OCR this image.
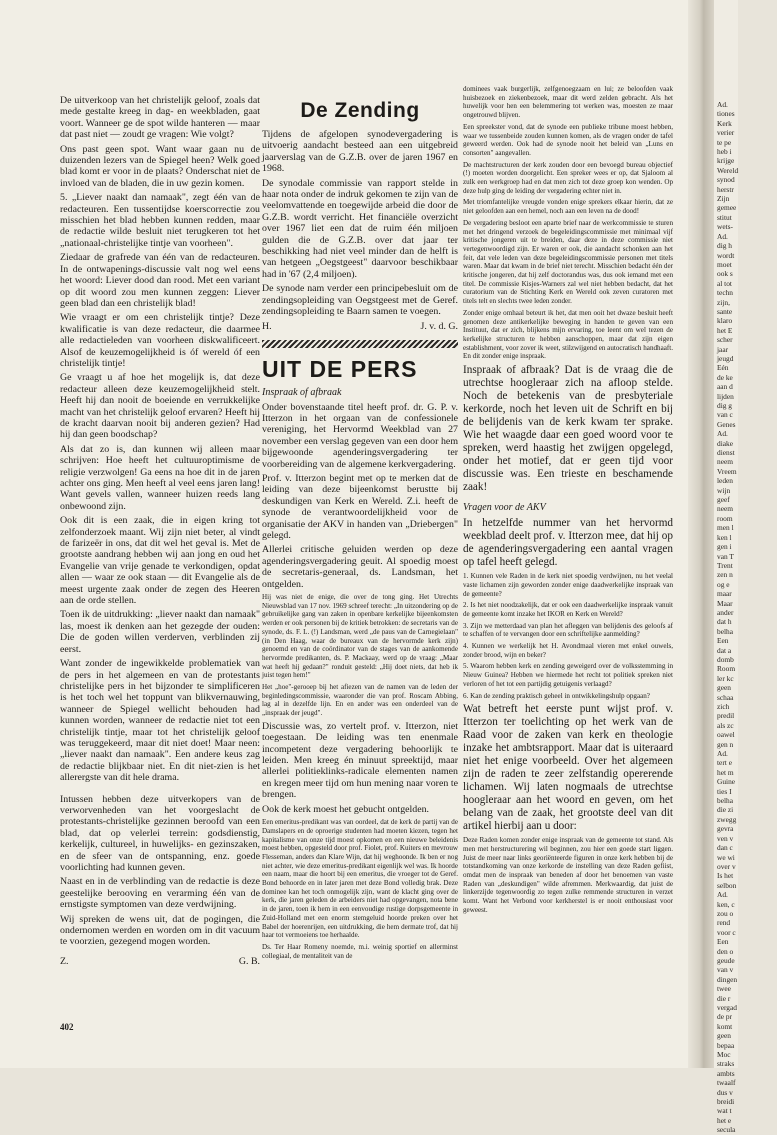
De uitverkoop van het christelijk geloof, zoals dat mede gestalte kreeg in dag- en weekbladen, gaat voort. Wanneer ge de spot wilde hanteren — maar dat past niet — zoudt ge vragen: Wie volgt?

Ons past geen spot. Want waar gaan nu de duizenden lezers van de Spiegel heen? Welk goed blad komt er voor in de plaats? Onderschat niet de invloed van de bladen, die in uw gezin komen.

5. „Liever naakt dan namaak", zegt één van de redacteuren. Een tussentijdse koerscorrectie zou misschien het blad hebben kunnen redden, maar de redactie wilde besluit niet terugkeren tot het „nationaal-christelijke tintje van voorheen".

Ziedaar de grafrede van één van de redacteuren. In de ontwapenings-discussie valt nog wel eens het woord: Liever dood dan rood. Met een variant op dit woord zou men kunnen zeggen: Liever geen blad dan een christelijk blad!

Wie vraagt er om een christelijk tintje? Deze kwalificatie is van deze redacteur, die daarmee alle redactieleden van voorheen diskwalificeert. Alsof de keuzemogelijkheid is óf wereld óf een christelijk tintje!

Ge vraagt u af hoe het mogelijk is, dat deze redacteur alleen deze keuzemogelijkheid stelt. Heeft hij dan nooit de boeiende en verrukkelijke macht van het christelijk geloof ervaren? Heeft hij de kracht daarvan nooit bij anderen gezien? Had hij dan geen boodschap?

Als dat zo is, dan kunnen wij alleen maar schrijven: Hoe heeft het cultuuroptimisme de religie verzwolgen! Ga eens na hoe dit in de jaren achter ons ging. Men heeft al veel eens jaren lang! Want gevels vallen, wanneer huizen reeds lang onbewoond zijn.

Ook dit is een zaak, die in eigen kring tot zelfonderzoek maant. Wij zijn niet beter, al vindt de farizeër in ons, dat dit wel het geval is. Met de grootste aandrang hebben wij aan jong en oud het Evangelie van vrije genade te verkondigen, opdat allen — waar ze ook staan — dit Evangelie als de meest urgente zaak onder de zegen des Heeren aan de orde stellen.

Toen ik de uitdrukking: „liever naakt dan namaak" las, moest ik denken aan het gezegde der ouden: Die de goden willen verderven, verblinden zij eerst.

Want zonder de ingewikkelde problematiek van de pers in het algemeen en van de protestants christelijke pers in het bijzonder te simplificeren is het toch wel het toppunt van blikvernauwing, wanneer de Spiegel wellicht behouden had kunnen worden, wanneer de redactie niet tot een christelijk tintje, maar tot het christelijk geloof was teruggekeerd, maar dit niet doet! Maar neen: „liever naakt dan namaak". Een andere keus zag de redactie blijkbaar niet. En dit niet-zien is het allerergste van dit hele drama.

Intussen hebben deze uitverkopers van de verworvenheden van het voorgeslacht de protestants-christelijke gezinnen beroofd van een blad, dat op velerlei terrein: godsdienstig, kerkelijk, cultureel, in huwelijks- en gezinszaken, en de sfeer van de ontspanning, enz. goede voorlichting had kunnen geven.

Naast en in de verblinding van de redactie is deze geestelijke berooving en verarming één van de ernstigste symptomen van deze verdwijning.

Wij spreken de wens uit, dat de pogingen, die ondernomen werden en worden om in dit vacuum te voorzien, gezegend mogen worden.

Z.	G. B.
De Zending

Tijdens de afgelopen synodevergadering is uitvoerig aandacht besteed aan een uitgebreid jaarverslag van de G.Z.B. over de jaren 1967 en 1968.

De synodale commissie van rapport stelde in haar nota onder de indruk gekomen te zijn van de veelomvattende en toegewijde arbeid die door de G.Z.B. wordt verricht. Het financiële overzicht over 1967 liet een dat de ruim één miljoen gulden die de G.Z.B. over dat jaar ter beschikking had niet veel minder dan de helft is van hetgeen „Oegstgeest" daarvoor beschikbaar had in '67 (2,4 miljoen).

De synode nam verder een principebesluit om de zendingsopleiding van Oegstgeest met de Geref. zendingsopleiding te Baarn samen te voegen.

H.	J. v. d. G.
UIT DE PERS
Inspraak of afbraak

Onder bovenstaande titel heeft prof. dr. G. P. v. Itterzon in het orgaan van de confessionele vereniging, het Hervormd Weekblad van 27 november een verslag gegeven van een door hem bijgewoonde agenderingsvergadering ter voorbereiding van de algemene kerkvergadering.

Prof. v. Itterzon begint met op te merken dat de leiding van deze bijeenkomst berustte bij deskundigen van Kerk en Wereld. Z.i. heeft de synode de verantwoordelijkheid voor de organisatie der AKV in handen van „Driebergen" gelegd.

Allerlei critische geluiden werden op deze agenderingsvergadering geuit. Al spoedig moest de secretaris-generaal, ds. Landsman, het ontgelden.

Hij was niet de enige, die over de tong ging. Het Utrechts Nieuwsblad van 17 nov. 1969 schreef terecht: „In uitzondering op de gebruikelijke gang van zaken in openbare kerkelijke bijeenkomsten werden er ook personen bij de kritiek betrokken: de secretaris van de synode, ds. F. L. (!) Landsman, werd „de paus van de Carnegielaan" (in Den Haag, waar de bureaux van de hervormde kerk zijn) genoemd en van de coördinator van de stages van de aankomende hervormde predikanten, ds. P. Mackaay, werd op de vraag: „Maar wat heeft hij gedaan?" ronduit gesteld: „Hij doet niets, dat heb ik juist tegen hem!"

Het „hoe"-gerooep bij het afiezen van de namen van de leden der beginledingscommissie, waaronder die van prof. Roscam Abbing, lag al in dezelfde lijn. En en ander was een onderdeel van de „inspraak der jeugd".

Discussie was, zo vertelt prof. v. Itterzon, niet toegestaan. De leiding was ten enenmale incompetent deze vergadering behoorlijk te leiden. Men kreeg én minuut spreektijd, maar allerlei politieklinks-radicale elementen namen en kregen meer tijd om hun mening naar voren te brengen.

Ook de kerk moest het gebucht ontgelden.

Een emeritus-predikant was van oordeel, dat de kerk de partij van de Damslapers en de oproerige studenten had moeten kiezen, tegen het kapitalisme van onze tijd moest opkomen en een nieuwe beleidenis moest hebben, opgesteld door prof. Fiolet, prof. Kuiters en mevrouw Flesseman, anders dan Klare Wijn, dat hij weghoonde. Ik ben er nog niet achter, wie deze emeritus-predikant eigenlijk wel was. Ik hoorde een naam, maar die hoort bij een emeritus, die vroeger tot de Geref. Bond behoorde en in later jaren met deze Bond volledig brak. Deze dominee kan het toch onmogelijk zijn, want de klacht ging over de kerk, die jaren geleden de arbeiders niet had opgevangen, nota bene in de jaren, toen ik hem in een eenvoudige rustige dorpsgemeente in Zuid-Holland met een enorm stemgeluid hoorde preken over het Babel der hoerenrijen, een uitdrukking, die hem dermate trof, dat hij haar tot vermoeiens toe herhaalde.

Ds. Ter Haar Romeny noemde, m.i. weinig sportief en allerminst collegiaal, de mentaliteit van de

dominees vaak burgerlijk, zelfgenoegzaam en lui; ze beloofden vaak huisbezoek en ziekenbezoek, maar dit werd zelden gebracht. Als het huwelijk voor hen een belemmering tot werken was, moesten ze maar ongetrouwd blijven.

Een spreekster vond, dat de synode een publieke tribune moest hebben, waar we tussenbeide zouden kunnen komen, als de vragen onder de tafel geweerd werden. Ook had de synode nooit het beleid van „Luns en consorten" aangevallen.

De machtstructuren der kerk zouden door een bevoegd bureau objectief (!) moeten worden doorgelicht. Een spreker wees er op, dat Sjaloom al zulk een werkgroep had en dat men zich tot deze groep kon wenden. Op deze hulp ging de leiding der vergadering echter niet in.

Met triomfantelijke vreugde vonden enige sprekers elkaar hierin, dat ze niet geloofden aan een hemel, noch aan een leven na de dood!

De vergadering besloot een aparte brief naar de werkcommissie te sturen met het dringend verzoek de begeleidingscommissie met minimaal vijf kritische jongeren uit te breiden, daar deze in deze commissie niet vertegenwoordigd zijn. Er waren er ook, die aandacht schonken aan het feit, dat vele leden van deze begeleidingscommissie personen met titels waren. Maar dat kwam in de brief niet terecht. Misschien bedacht één der kritische jongeren, dat hij zelf doctorandus was, dus ook iemand met een titel. De commissie Kisjes-Warners zal wel niet hebben bedacht, dat het curatorium van de Stichting Kerk en Wereld ook zeven curatoren met titels telt en slechts twee leden zonder.

Zonder enige omhaal beteurt ik het, dat men ooit het dwaze besluit heeft genomen deze antikerkelijke beweging in handen te geven van een Instituut, dat er zich, blijkens mijn ervaring, toe leent om wel tezen de kerkelijke structuren te hebben aanschoppen, maar dat zijn eigen establishment, voor zover ik weet, stilzwijgend en autocratisch handhaaft. En dit zonder enige inspraak.

Inspraak of afbraak? Dat is de vraag die de utrechtse hoogleraar zich na afloop stelde. Noch de betekenis van de presbyteriale kerkorde, noch het leven uit de Schrift en bij de belijdenis van de kerk kwam ter sprake. Wie het waagde daar een goed woord voor te spreken, werd haastig het zwijgen opgelegd, onder het motief, dat er geen tijd voor discussie was. Een trieste en beschamende zaak!

Vragen voor de AKV

In hetzelfde nummer van het hervormd weekblad deelt prof. v. Itterzon mee, dat hij op de agenderingsvergadering een aantal vragen op tafel heeft gelegd.

1. Kunnen vele Raden in de kerk niet spoedig verdwijnen, nu het veelal vaste lichamen zijn geworden zonder enige daadwerkelijke inspraak van de gemeente?

2. Is het niet noodzakelijk, dat er ook een daadwerkelijke inspraak vanuit de gemeente komt inzake het IKOR en Kerk en Wereld?

3. Zijn we metterdaad van plan het afleggen van belijdenis des geloofs af te schaffen of te vervangen door een schriftelijke aanmelding?

4. Kunnen we werkelijk het H. Avondmaal vieren met enkel ouwels, zonder brood, wijn en beker?

5. Waarom hebben kerk en zending geweigerd over de volksstemming in Nieuw Guinea? Hebben we hiermede het recht tot politiek spreken niet verloren of het tot een partijdig getuigenis verlaagd?

6. Kan de zending praktisch geheel in ontwikkelingshulp opgaan?

Wat betreft het eerste punt wijst prof. v. Itterzon ter toelichting op het werk van de Raad voor de zaken van kerk en theologie inzake het ambtsrapport. Maar dat is uiteraard niet het enige voorbeeld. Over het algemeen zijn de raden te zeer zelfstandig opererende lichamen. Wij laten nogmaals de utrechtse hoogleraar aan het woord en geven, om het belang van de zaak, het grootste deel van dit artikel hierbij aan u door:

Deze Raden komen zonder enige inspraak van de gemeente tot stand. Als men met herstructurering wil beginnen, zou hier een goede start liggen. Juist de meer naar links georiënteerde figuren in onze kerk hebben bij de totstandkoming van onze kerkorde de instelling van deze Raden gefiist, omdat men de inspraak van beneden af door het benoemen van vaste Raden van „deskundigen" wilde afremmen. Merkwaardig, dat juist de linkerzijde tegenwoordig zo tegen zulke remmende structuren in verzet komt. Want het Verbond voor kerkherstel is er nooit enthousiast voor geweest.

402
Ad.
tiones
Kerk
verier
te pe
heb i
krijge
Wereld
synod
herstr
Zijn
gemee
stitut
wets-
Ad.
dig h
wordt
moet
ook s
al tot
techn
zijn,
sante
klaro
het E
scher
jaar
jeugd
Eén
de ke
aan d
lijden
dig g
van c
Genes
Ad.
diake
dienst
neem
Vreem
leden
wijn
geef
neem
room
men l
ken l
gen i
van T
Trent
zen n
og e
maar
Maar
ander
dat h
belha
Een
dat a
domb
Room
ler kc
geen
schaa
zich
predil
als zc
oawel
gen n
Ad.
tert e
het m
Guine
ties I
belha
die zi
zwegg
gevra
ven v
dan c
we wi
over v
Is het
selbon
Ad.
ken, c
zou o
rend
voor c
Een
den o
geude
van v
dingen
twee
die r
vergad
de pr
komt
geen
bepaa
Moc
straks
ambts
twaalf
dus v
breidi
wat t
het e
secula
